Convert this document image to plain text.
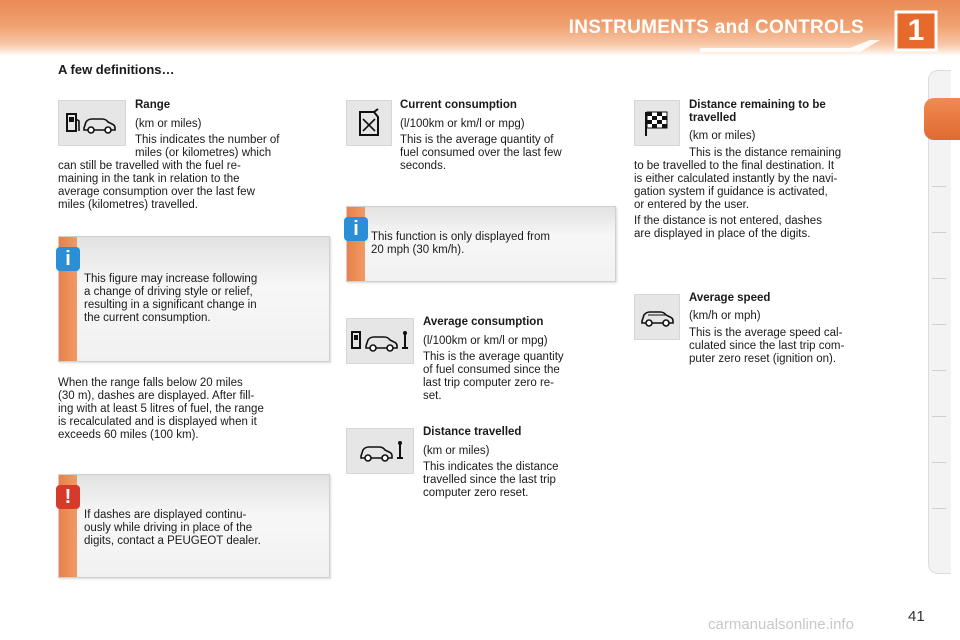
INSTRUMENTS and CONTROLS	1
A few definitions…
Range
(km or miles)
This indicates the number of
miles (or kilometres) which
can still be travelled with the fuel re-
maining in the tank in relation to the
average consumption over the last few
miles (kilometres) travelled.
i
This figure may increase following
a change of driving style or relief,
resulting in a significant change in
the current consumption.
When the range falls below 20 miles
(30 m), dashes are displayed. After fill-
ing with at least 5 litres of fuel, the range
is recalculated and is displayed when it
exceeds 60 miles (100 km).
!
If dashes are displayed continu-
ously while driving in place of the
digits, contact a PEUGEOT dealer.
Current consumption
(l/100km or km/l or mpg)
This is the average quantity of
fuel consumed over the last few
seconds.
i	This function is only displayed from
20 mph (30 km/h).
Average consumption
(l/100km or km/l or mpg)
This is the average quantity
of fuel consumed since the
last trip computer zero re-
set.
Distance travelled
(km or miles)
This indicates the distance
travelled since the last trip
computer zero reset.
Distance remaining to be
travelled
(km or miles)
This is the distance remaining
to be travelled to the final destination. It
is either calculated instantly by the navi-
gation system if guidance is activated,
or entered by the user.
If the distance is not entered, dashes
are displayed in place of the digits.
Average speed
(km/h or mph)
This is the average speed cal-
culated since the last trip com-
puter zero reset (ignition on).
carmanualsonline.info	41
